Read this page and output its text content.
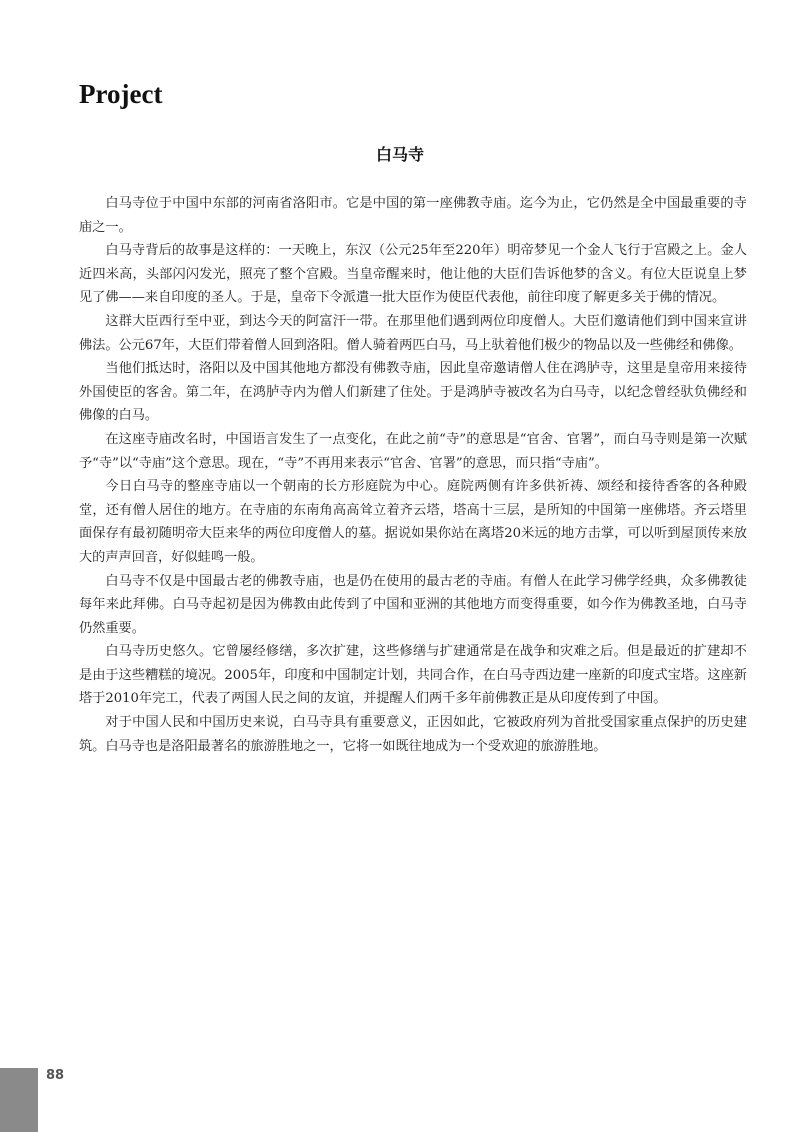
Project
白马寺

白马寺位于中国中东部的河南省洛阳市。它是中国的第一座佛教寺庙。迄今为止，它仍然是全中国最重要的寺庙之一。

白马寺背后的故事是这样的：一天晚上，东汉（公元25年至220年）明帝梦见一个金人飞行于宫殿之上。金人近四米高，头部闪闪发光，照亮了整个宫殿。当皇帝醒来时，他让他的大臣们告诉他梦的含义。有位大臣说皇上梦见了佛——来自印度的圣人。于是，皇帝下令派遣一批大臣作为使臣代表他，前往印度了解更多关于佛的情况。

这群大臣西行至中亚，到达今天的阿富汗一带。在那里他们遇到两位印度僧人。大臣们邀请他们到中国来宣讲佛法。公元67年，大臣们带着僧人回到洛阳。僧人骑着两匹白马，马上驮着他们极少的物品以及一些佛经和佛像。

当他们抵达时，洛阳以及中国其他地方都没有佛教寺庙，因此皇帝邀请僧人住在鸿胪寺，这里是皇帝用来接待外国使臣的客舍。第二年，在鸿胪寺内为僧人们新建了住处。于是鸿胪寺被改名为白马寺，以纪念曾经驮负佛经和佛像的白马。

在这座寺庙改名时，中国语言发生了一点变化，在此之前“寺”的意思是“官舍、官署”，而白马寺则是第一次赋予“寺”以“寺庙”这个意思。现在，“寺”不再用来表示“官舍、官署”的意思，而只指“寺庙”。

今日白马寺的整座寺庙以一个朝南的长方形庭院为中心。庭院两侧有许多供祈祷、颂经和接待香客的各种殿堂，还有僧人居住的地方。在寺庙的东南角高高耸立着齐云塔，塔高十三层，是所知的中国第一座佛塔。齐云塔里面保存有最初随明帝大臣来华的两位印度僧人的墓。据说如果你站在离塔20米远的地方击掌，可以听到屋顶传来放大的声声回音，好似蛙鸣一般。

白马寺不仅是中国最古老的佛教寺庙，也是仍在使用的最古老的寺庙。有僧人在此学习佛学经典，众多佛教徒每年来此拜佛。白马寺起初是因为佛教由此传到了中国和亚洲的其他地方而变得重要，如今作为佛教圣地，白马寺仍然重要。

白马寺历史悠久。它曾屡经修缮，多次扩建，这些修缮与扩建通常是在战争和灾难之后。但是最近的扩建却不是由于这些糟糕的境况。2005年，印度和中国制定计划，共同合作，在白马寺西边建一座新的印度式宝塔。这座新塔于2010年完工，代表了两国人民之间的友谊，并提醒人们两千多年前佛教正是从印度传到了中国。

对于中国人民和中国历史来说，白马寺具有重要意义，正因如此，它被政府列为首批受国家重点保护的历史建筑。白马寺也是洛阳最著名的旅游胜地之一，它将一如既往地成为一个受欢迎的旅游胜地。

88
